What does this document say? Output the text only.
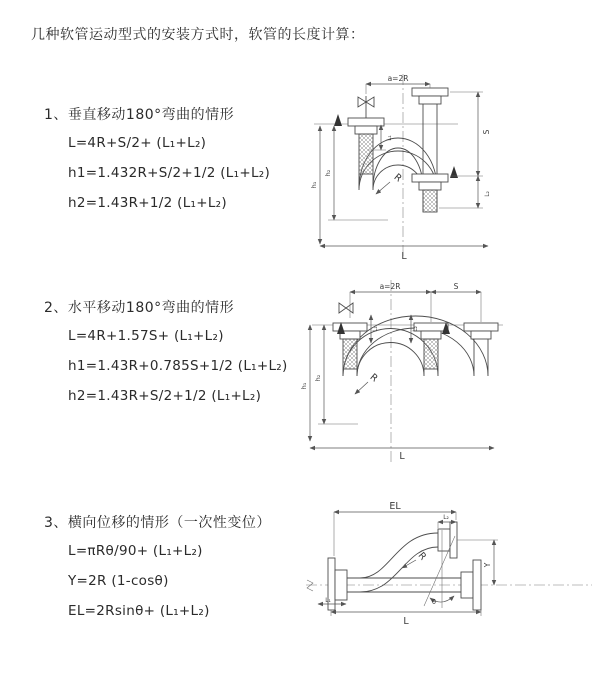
几种软管运动型式的安装方式时，软管的长度计算：
1、垂直移动180°弯曲的情形
L=4R+S/2+ (L₁+L₂)
h1=1.432R+S/2+1/2 (L₁+L₂)
h2=1.43R+1/2 (L₁+L₂)
2、水平移动180°弯曲的情形
L=4R+1.57S+ (L₁+L₂)
h1=1.43R+0.785S+1/2 (L₁+L₂)
h2=1.43R+S/2+1/2 (L₁+L₂)
3、横向位移的情形（一次性变位）
L=πRθ/90+ (L₁+L₂)
Y=2R (1-cosθ)
EL=2Rsinθ+ (L₁+L₂)
a=2R
S
L₂
L₁
h₁
h₂	R
L
a=2R	S
L₁	L₂
h₁
h₂	R
L
EL
L₂
Y
R
θ
L₁
L
